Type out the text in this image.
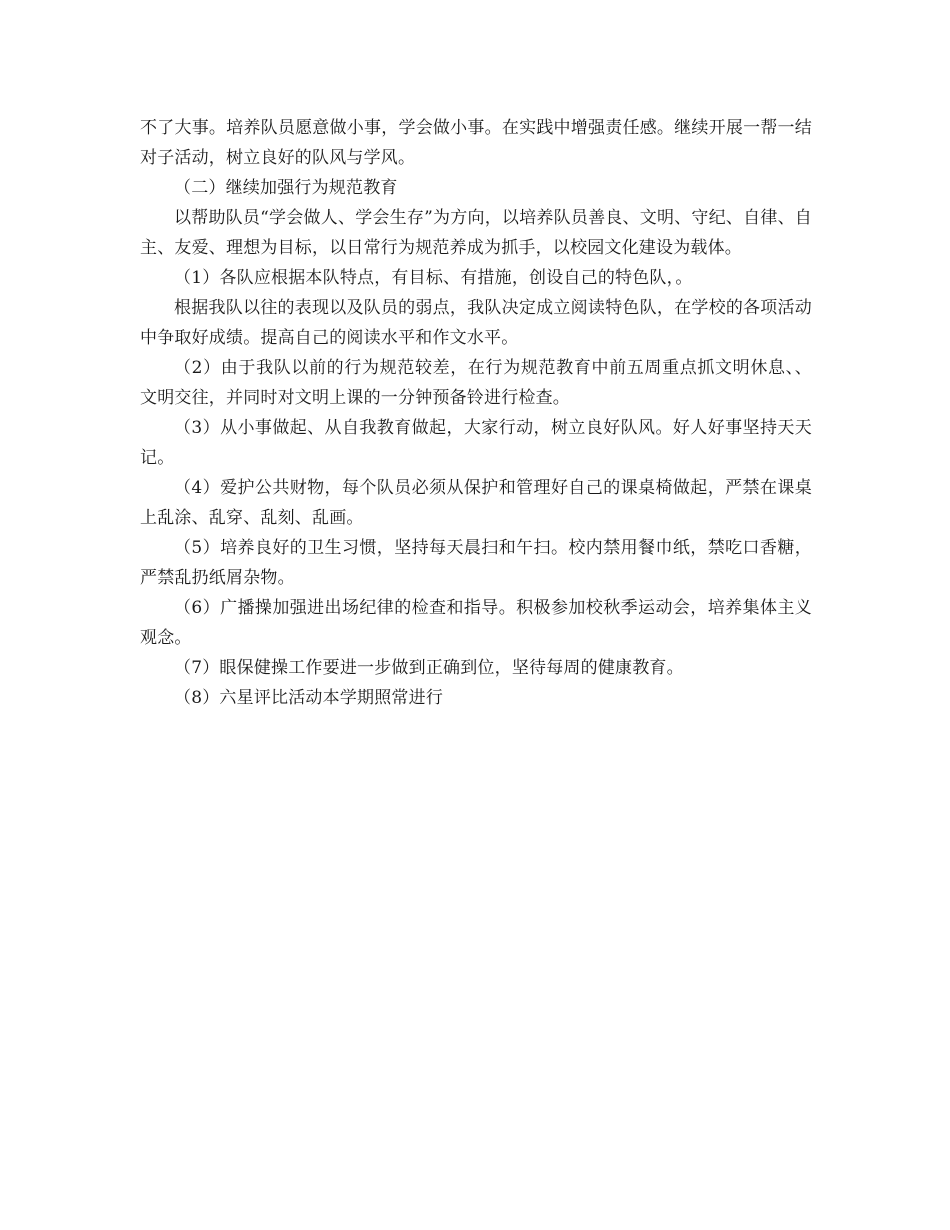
不了大事。培养队员愿意做小事，学会做小事。在实践中增强责任感。继续开展一帮一结对子活动，树立良好的队风与学风。

（二）继续加强行为规范教育

以帮助队员“学会做人、学会生存”为方向，以培养队员善良、文明、守纪、自律、自主、友爱、理想为目标，以日常行为规范养成为抓手，以校园文化建设为载体。

（1）各队应根据本队特点，有目标、有措施，创设自己的特色队，。

根据我队以往的表现以及队员的弱点，我队决定成立阅读特色队，在学校的各项活动中争取好成绩。提高自己的阅读水平和作文水平。

（2）由于我队以前的行为规范较差，在行为规范教育中前五周重点抓文明休息、、文明交往，并同时对文明上课的一分钟预备铃进行检查。

（3）从小事做起、从自我教育做起，大家行动，树立良好队风。好人好事坚持天天记。

（4）爱护公共财物，每个队员必须从保护和管理好自己的课桌椅做起，严禁在课桌上乱涂、乱穿、乱刻、乱画。

（5）培养良好的卫生习惯，坚持每天晨扫和午扫。校内禁用餐巾纸，禁吃口香糖，严禁乱扔纸屑杂物。

（6）广播操加强进出场纪律的检查和指导。积极参加校秋季运动会，培养集体主义观念。

（7）眼保健操工作要进一步做到正确到位，坚待每周的健康教育。

（8）六星评比活动本学期照常进行
